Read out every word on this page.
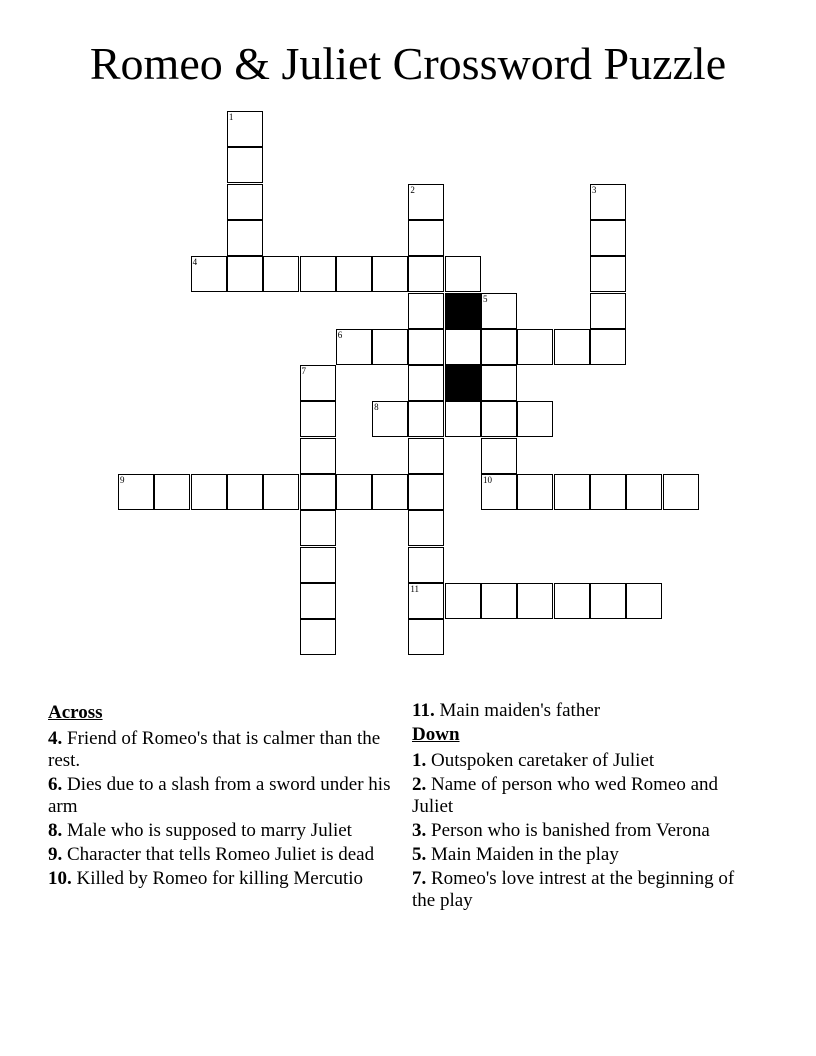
Romeo & Juliet Crossword Puzzle
4
6
8
9	10
11
1
2	3
5
7
Across
4. Friend of Romeo's that is calmer than the rest.
6. Dies due to a slash from a sword under his arm
8. Male who is supposed to marry Juliet
9. Character that tells Romeo Juliet is dead
10. Killed by Romeo for killing Mercutio
11. Main maiden's father
Down
1. Outspoken caretaker of Juliet
2. Name of person who wed Romeo and Juliet
3. Person who is banished from Verona
5. Main Maiden in the play
7. Romeo's love intrest at the beginning of the play
